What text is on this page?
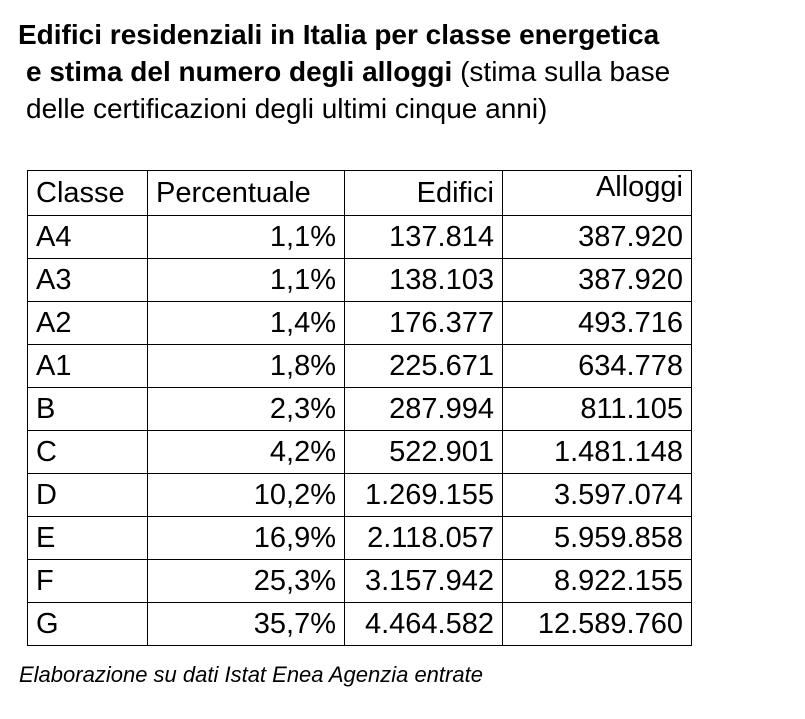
Edifici residenziali in Italia per classe energetica
e stima del numero degli alloggi (stima sulla base
delle certificazioni degli ultimi cinque anni)
Classe	Percentuale	Edifici	Alloggi
A4	1,1%	137.814	387.920
A3	1,1%	138.103	387.920
A2	1,4%	176.377	493.716
A1	1,8%	225.671	634.778
B	2,3%	287.994	811.105
C	4,2%	522.901	1.481.148
D	10,2%	1.269.155	3.597.074
E	16,9%	2.118.057	5.959.858
F	25,3%	3.157.942	8.922.155
G	35,7%	4.464.582	12.589.760

Elaborazione su dati Istat Enea Agenzia entrate
